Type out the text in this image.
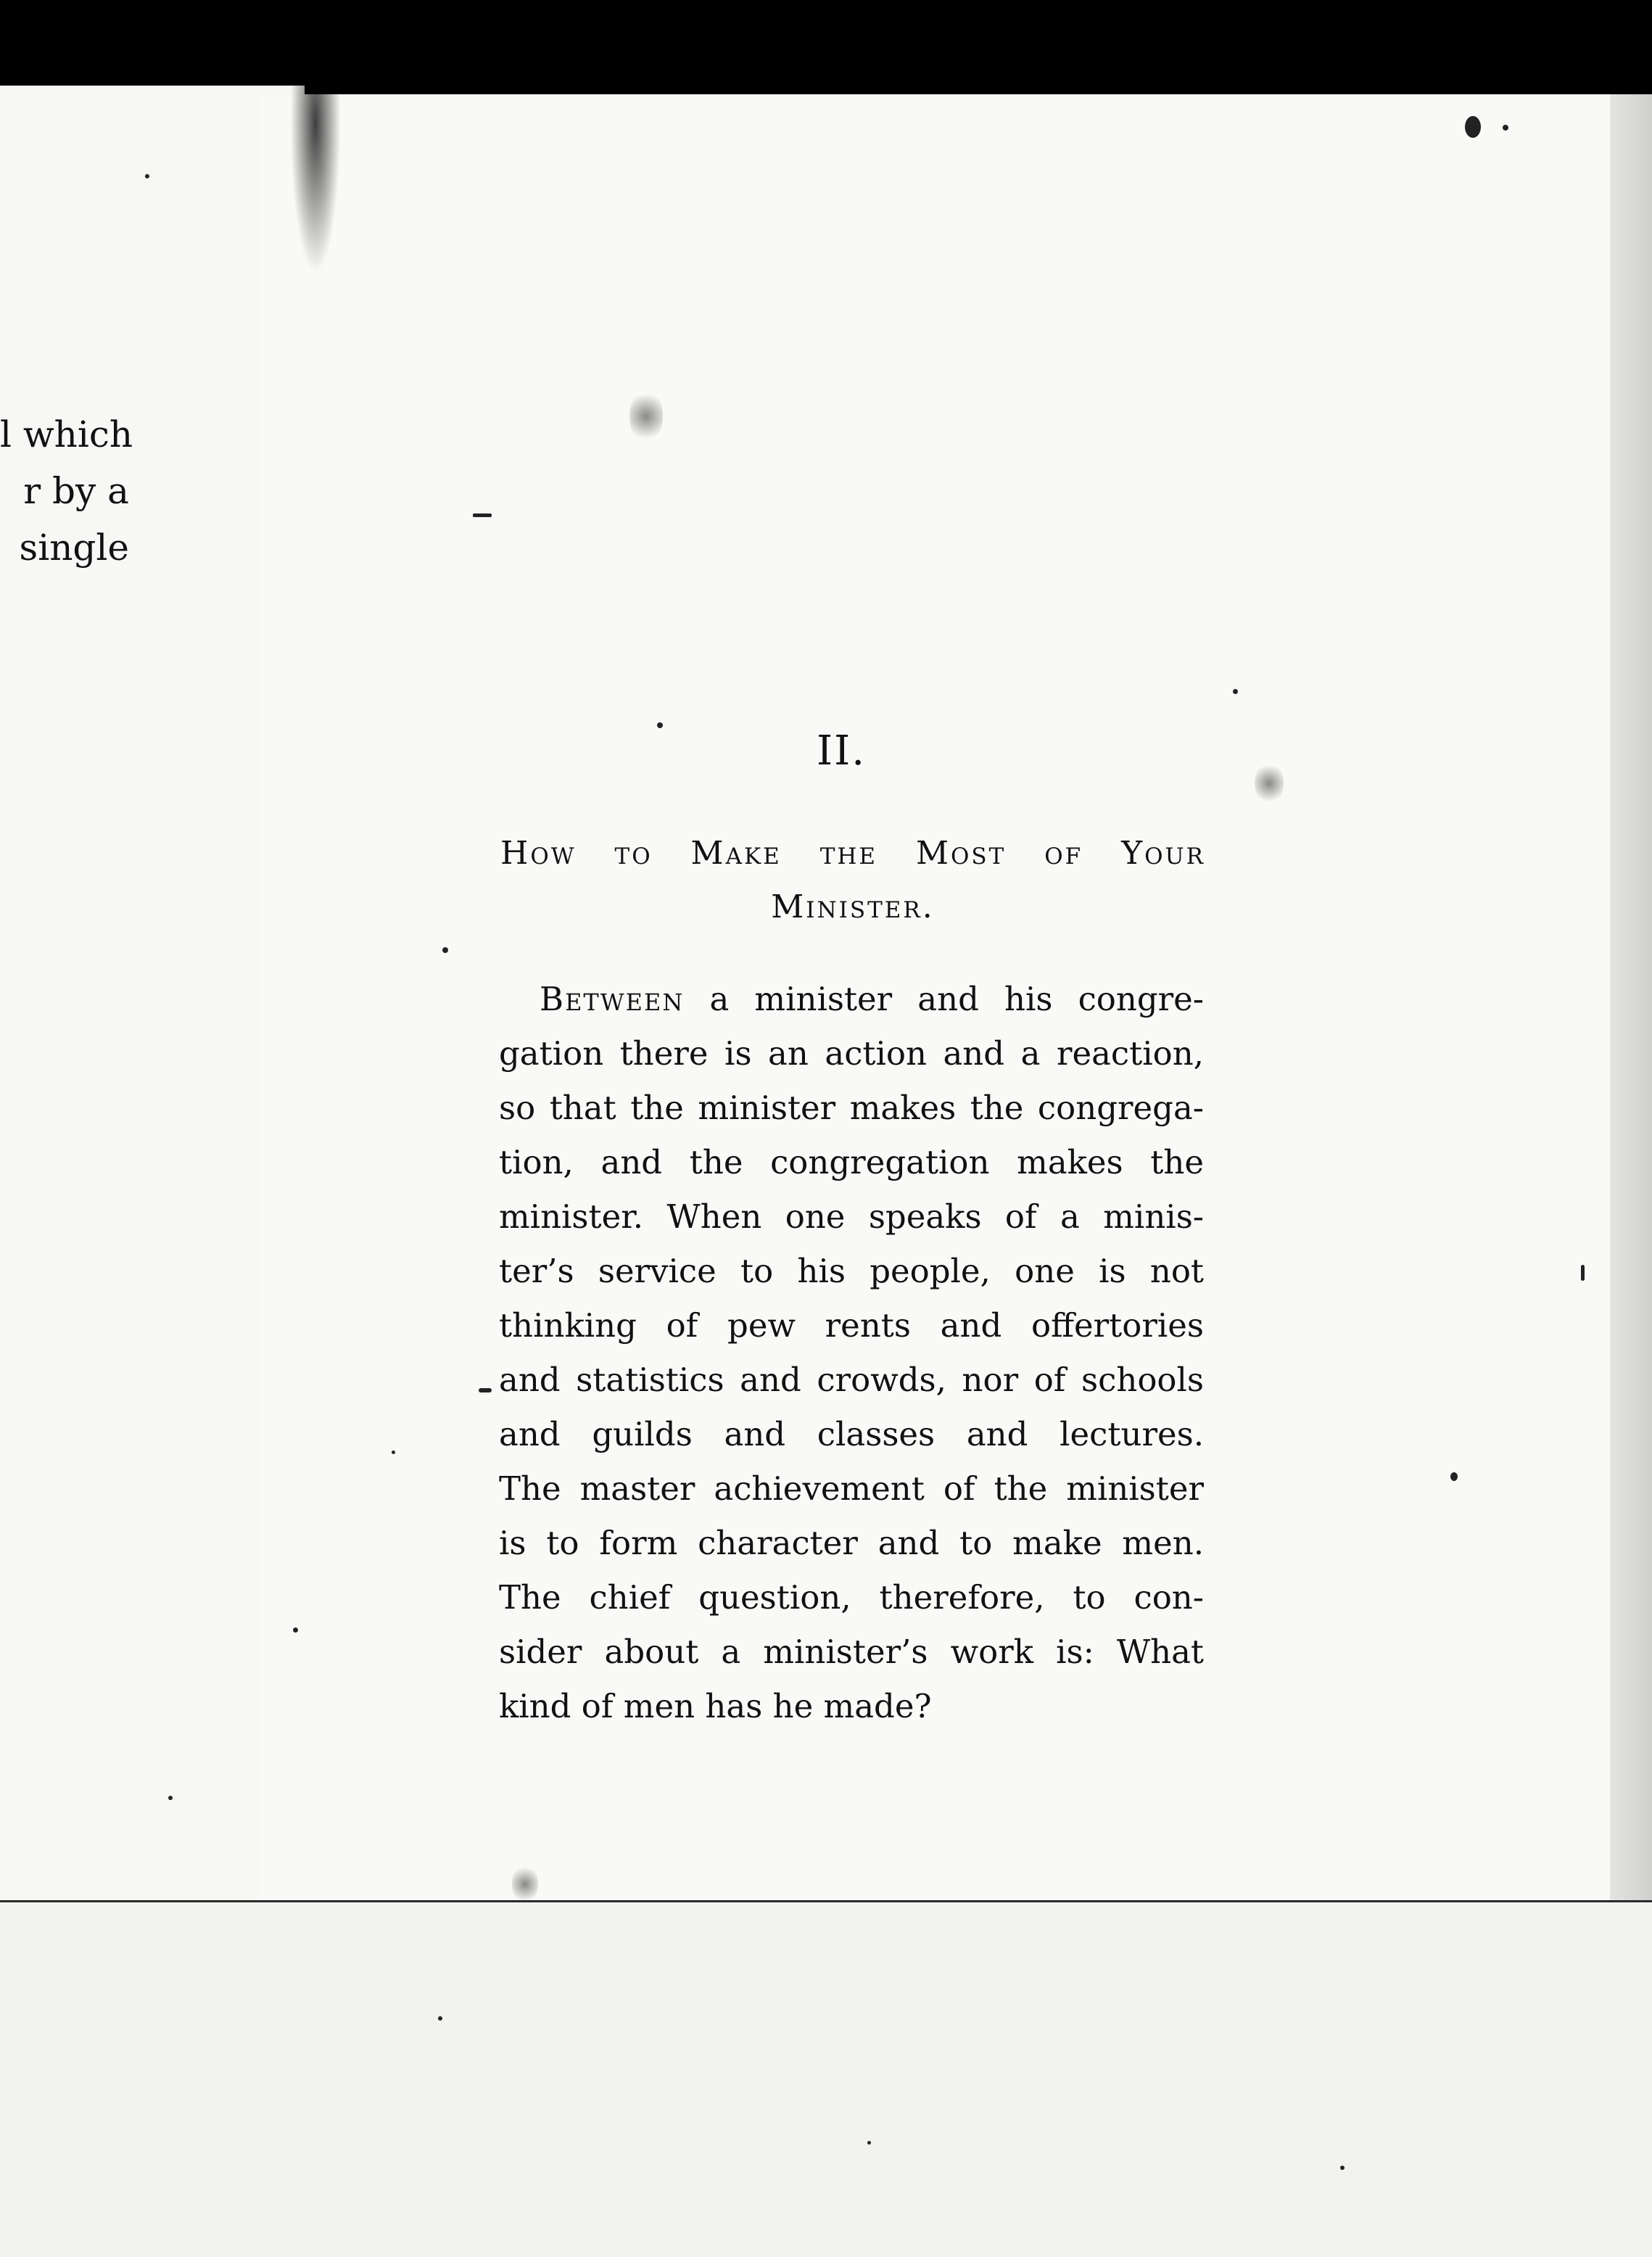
l which
r by a
single
II.
How to Make the Most of Your
Minister.
Between a minister and his congre-
gation there is an action and a reaction,
so that the minister makes the congrega-
tion, and the congregation makes the
minister. When one speaks of a minis-
ter’s service to his people, one is not
thinking of pew rents and offertories
and statistics and crowds, nor of schools
and guilds and classes and lectures.
The master achievement of the minister
is to form character and to make men.
The chief question, therefore, to con-
sider about a minister’s work is: What
kind of men has he made?
